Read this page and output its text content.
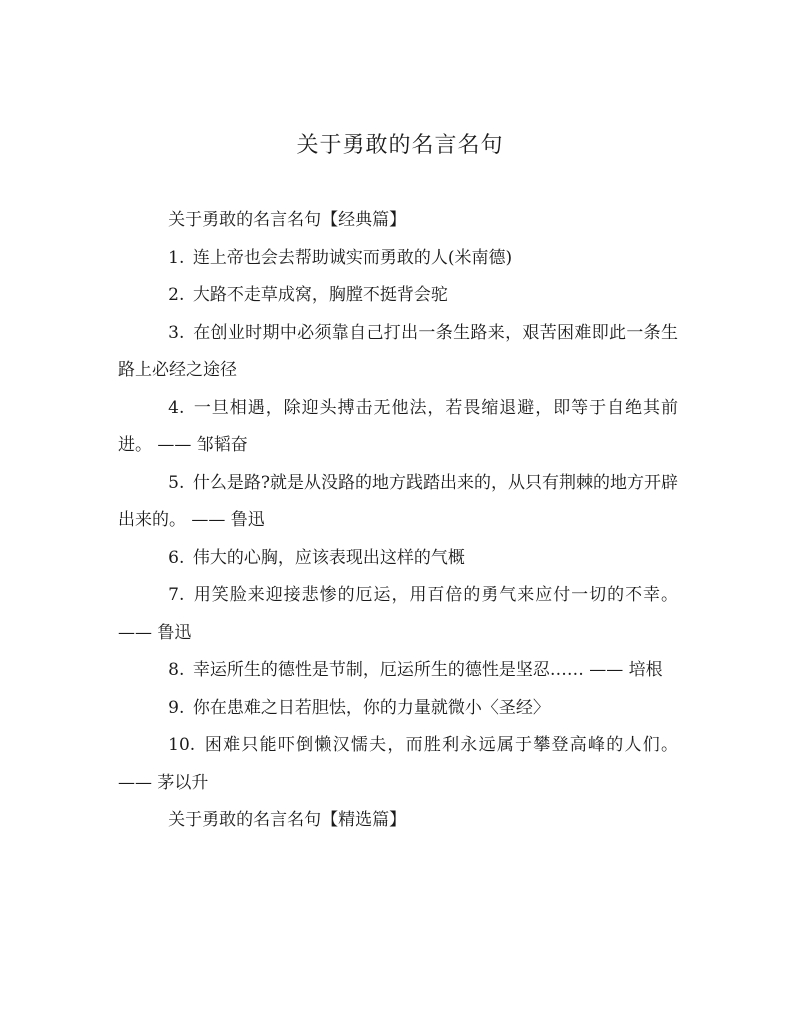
关于勇敢的名言名句

关于勇敢的名言名句【经典篇】

1. 连上帝也会去帮助诚实而勇敢的人(米南德)

2. 大路不走草成窝，胸膛不挺背会驼

3. 在创业时期中必须靠自己打出一条生路来，艰苦困难即此一条生路上必经之途径

4. 一旦相遇，除迎头搏击无他法，若畏缩退避，即等于自绝其前进。 —— 邹韬奋

5. 什么是路?就是从没路的地方践踏出来的，从只有荆棘的地方开辟出来的。 —— 鲁迅

6. 伟大的心胸，应该表现出这样的气概

7. 用笑脸来迎接悲惨的厄运，用百倍的勇气来应付一切的不幸。 —— 鲁迅

8. 幸运所生的德性是节制，厄运所生的德性是坚忍…… —— 培根

9. 你在患难之日若胆怯，你的力量就微小〈圣经〉

10. 困难只能吓倒懒汉懦夫，而胜利永远属于攀登高峰的人们。 —— 茅以升

关于勇敢的名言名句【精选篇】
